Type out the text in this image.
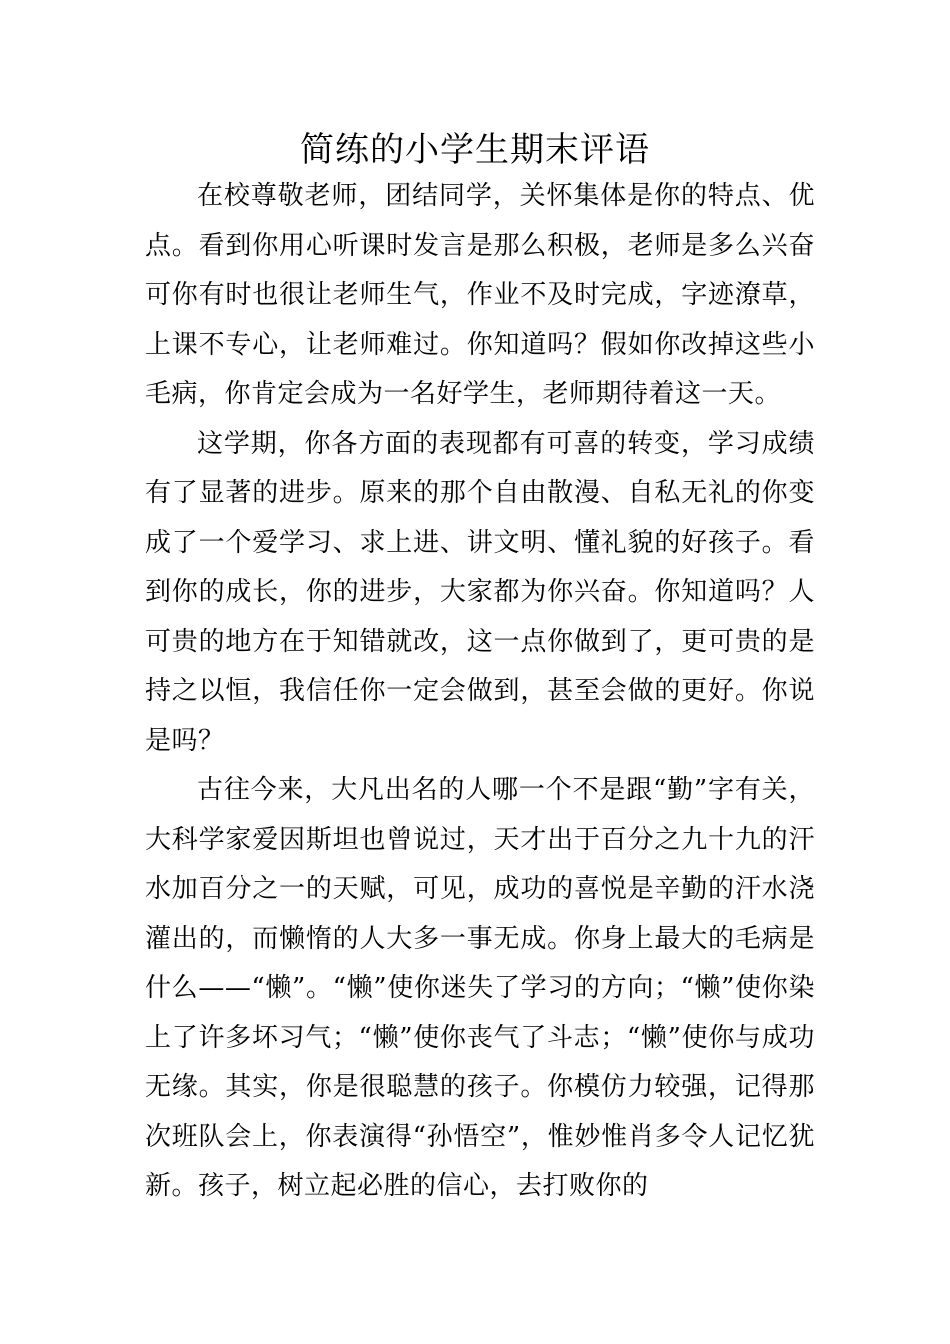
简练的小学生期末评语

在校尊敬老师，团结同学，关怀集体是你的特点、优点。看到你用心听课时发言是那么积极，老师是多么兴奋可你有时也很让老师生气，作业不及时完成，字迹潦草，上课不专心，让老师难过。你知道吗？假如你改掉这些小毛病，你肯定会成为一名好学生，老师期待着这一天。

这学期，你各方面的表现都有可喜的转变，学习成绩有了显著的进步。原来的那个自由散漫、自私无礼的你变成了一个爱学习、求上进、讲文明、懂礼貌的好孩子。看到你的成长，你的进步，大家都为你兴奋。你知道吗？人可贵的地方在于知错就改，这一点你做到了，更可贵的是持之以恒，我信任你一定会做到，甚至会做的更好。你说是吗？

古往今来，大凡出名的人哪一个不是跟“勤”字有关，大科学家爱因斯坦也曾说过，天才出于百分之九十九的汗水加百分之一的天赋，可见，成功的喜悦是辛勤的汗水浇灌出的，而懒惰的人大多一事无成。你身上最大的毛病是什么——“懒”。“懒”使你迷失了学习的方向；“懒”使你染上了许多坏习气；“懒”使你丧气了斗志；“懒”使你与成功无缘。其实，你是很聪慧的孩子。你模仿力较强，记得那次班队会上，你表演得“孙悟空”，惟妙惟肖多令人记忆犹新。孩子，树立起必胜的信心，去打败你的
